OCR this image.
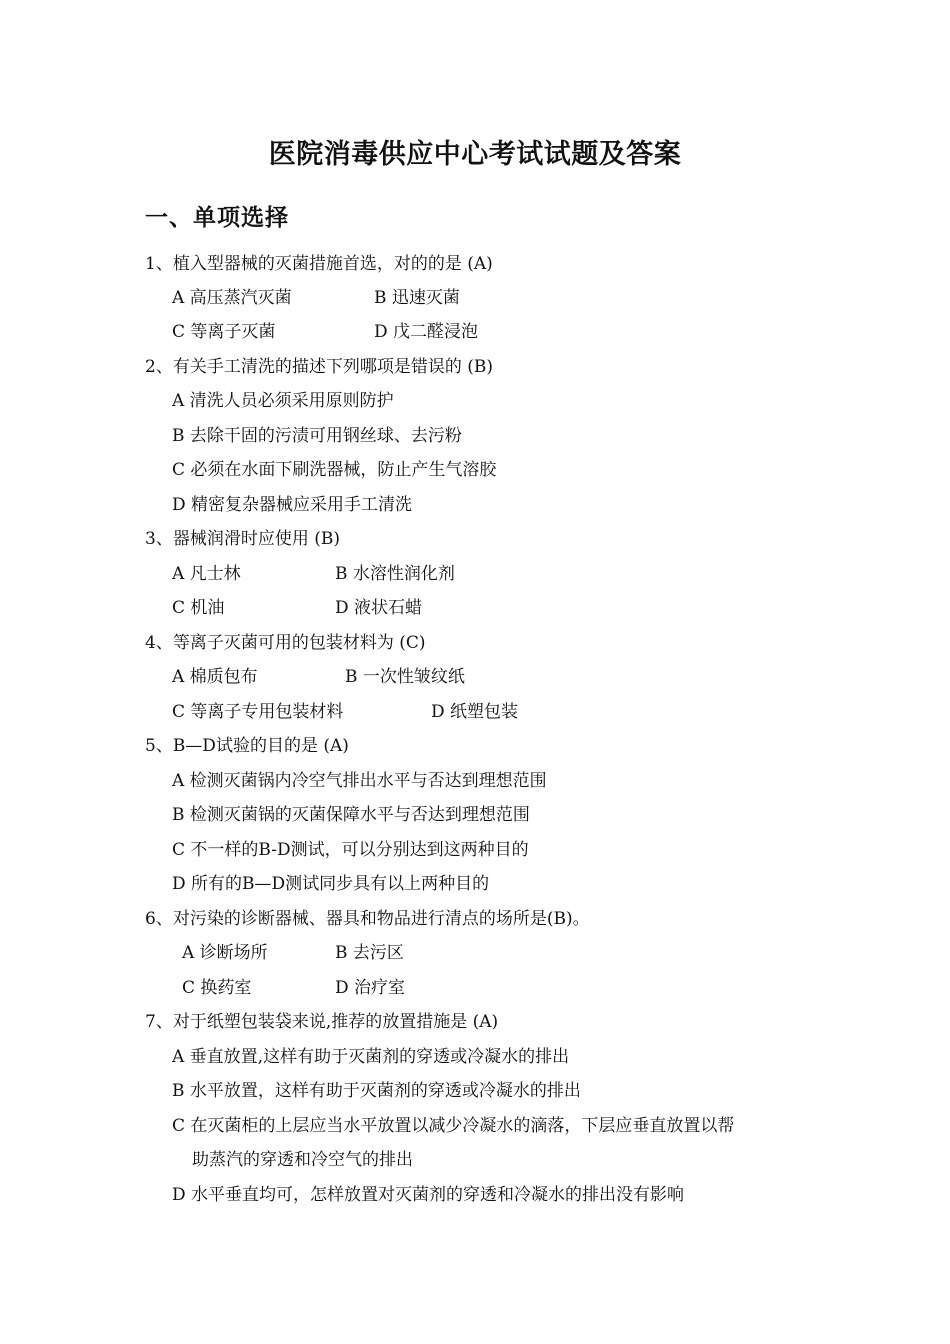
医院消毒供应中心考试试题及答案
一、单项选择
1、植入型器械的灭菌措施首选，对的的是 (A)
A 高压蒸汽灭菌	B 迅速灭菌
C 等离子灭菌	D 戊二醛浸泡
2、有关手工清洗的描述下列哪项是错误的 (B)
A 清洗人员必须采用原则防护
B 去除干固的污渍可用钢丝球、去污粉
C 必须在水面下刷洗器械，防止产生气溶胶
D 精密复杂器械应采用手工清洗
3、器械润滑时应使用 (B)
A 凡士林	B 水溶性润化剂
C 机油	D 液状石蜡
4、等离子灭菌可用的包装材料为 (C)
A 棉质包布	B 一次性皱纹纸
C 等离子专用包装材料	D 纸塑包装
5、B—D试验的目的是 (A)
A 检测灭菌锅内冷空气排出水平与否达到理想范围
B 检测灭菌锅的灭菌保障水平与否达到理想范围
C 不一样的B-D测试，可以分别达到这两种目的
D 所有的B—D测试同步具有以上两种目的
6、对污染的诊断器械、器具和物品进行清点的场所是(B)。
A 诊断场所	B 去污区
C 换药室	D 治疗室
7、对于纸塑包装袋来说,推荐的放置措施是 (A)
A 垂直放置,这样有助于灭菌剂的穿透或冷凝水的排出
B 水平放置，这样有助于灭菌剂的穿透或冷凝水的排出
C 在灭菌柜的上层应当水平放置以减少冷凝水的滴落，下层应垂直放置以帮
助蒸汽的穿透和冷空气的排出
D 水平垂直均可，怎样放置对灭菌剂的穿透和冷凝水的排出没有影响
